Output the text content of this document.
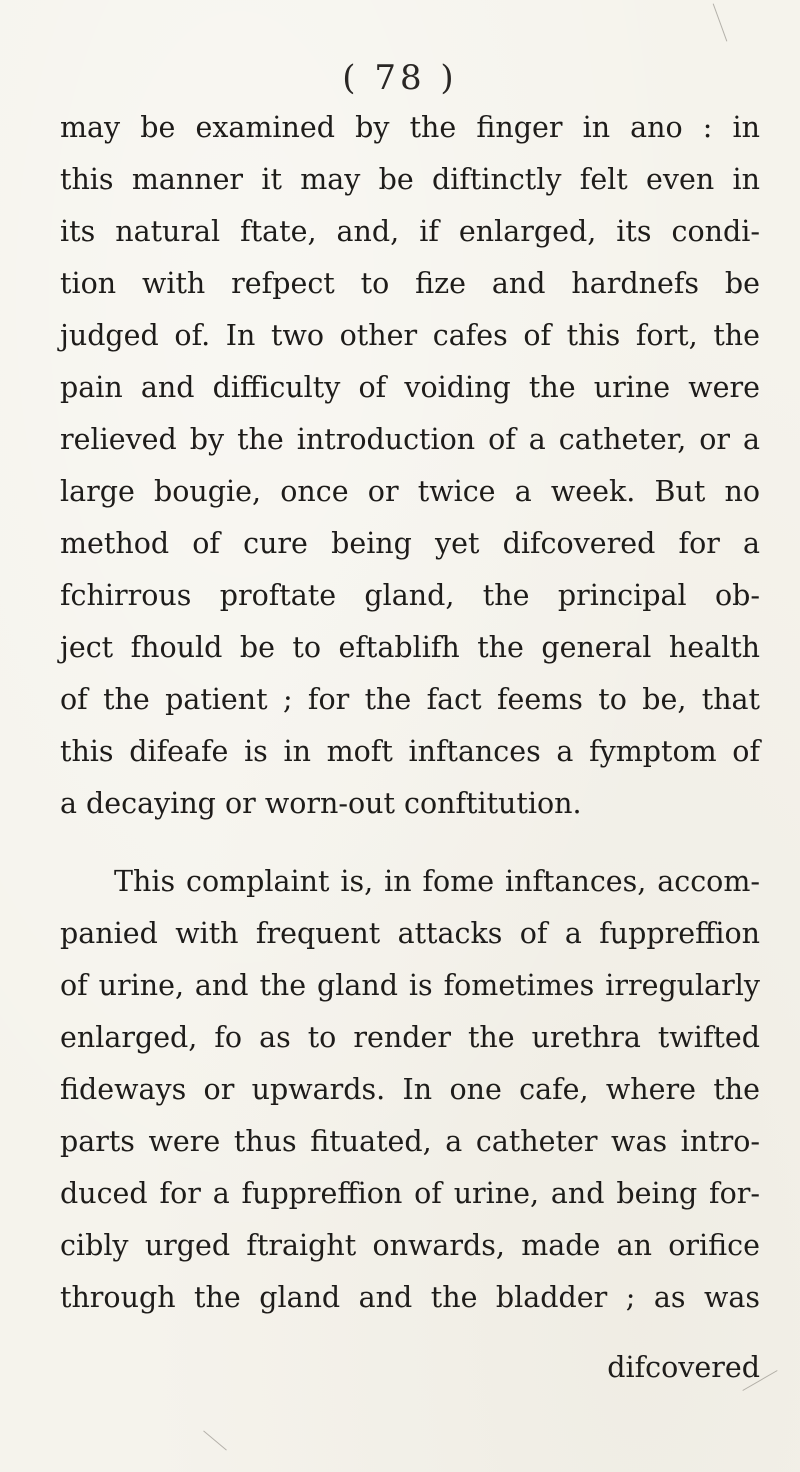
( 78 )
may be examined by the finger in ano : in
this manner it may be diftinctly felt even in
its natural ftate, and, if enlarged, its condi-
tion with refpect to fize and hardnefs be
judged of. In two other cafes of this fort, the
pain and difficulty of voiding the urine were
relieved by the introduction of a catheter, or a
large bougie, once or twice a week. But no
method of cure being yet difcovered for a
fchirrous proftate gland, the principal ob-
ject fhould be to eftablifh the general health
of the patient ; for the fact feems to be, that
this difeafe is in moft inftances a fymptom of
a decaying or worn-out conftitution.
This complaint is, in fome inftances, accom-
panied with frequent attacks of a fuppreffion
of urine, and the gland is fometimes irregularly
enlarged, fo as to render the urethra twifted
fideways or upwards. In one cafe, where the
parts were thus fituated, a catheter was intro-
duced for a fuppreffion of urine, and being for-
cibly urged ftraight onwards, made an orifice
through the gland and the bladder ; as was
difcovered
